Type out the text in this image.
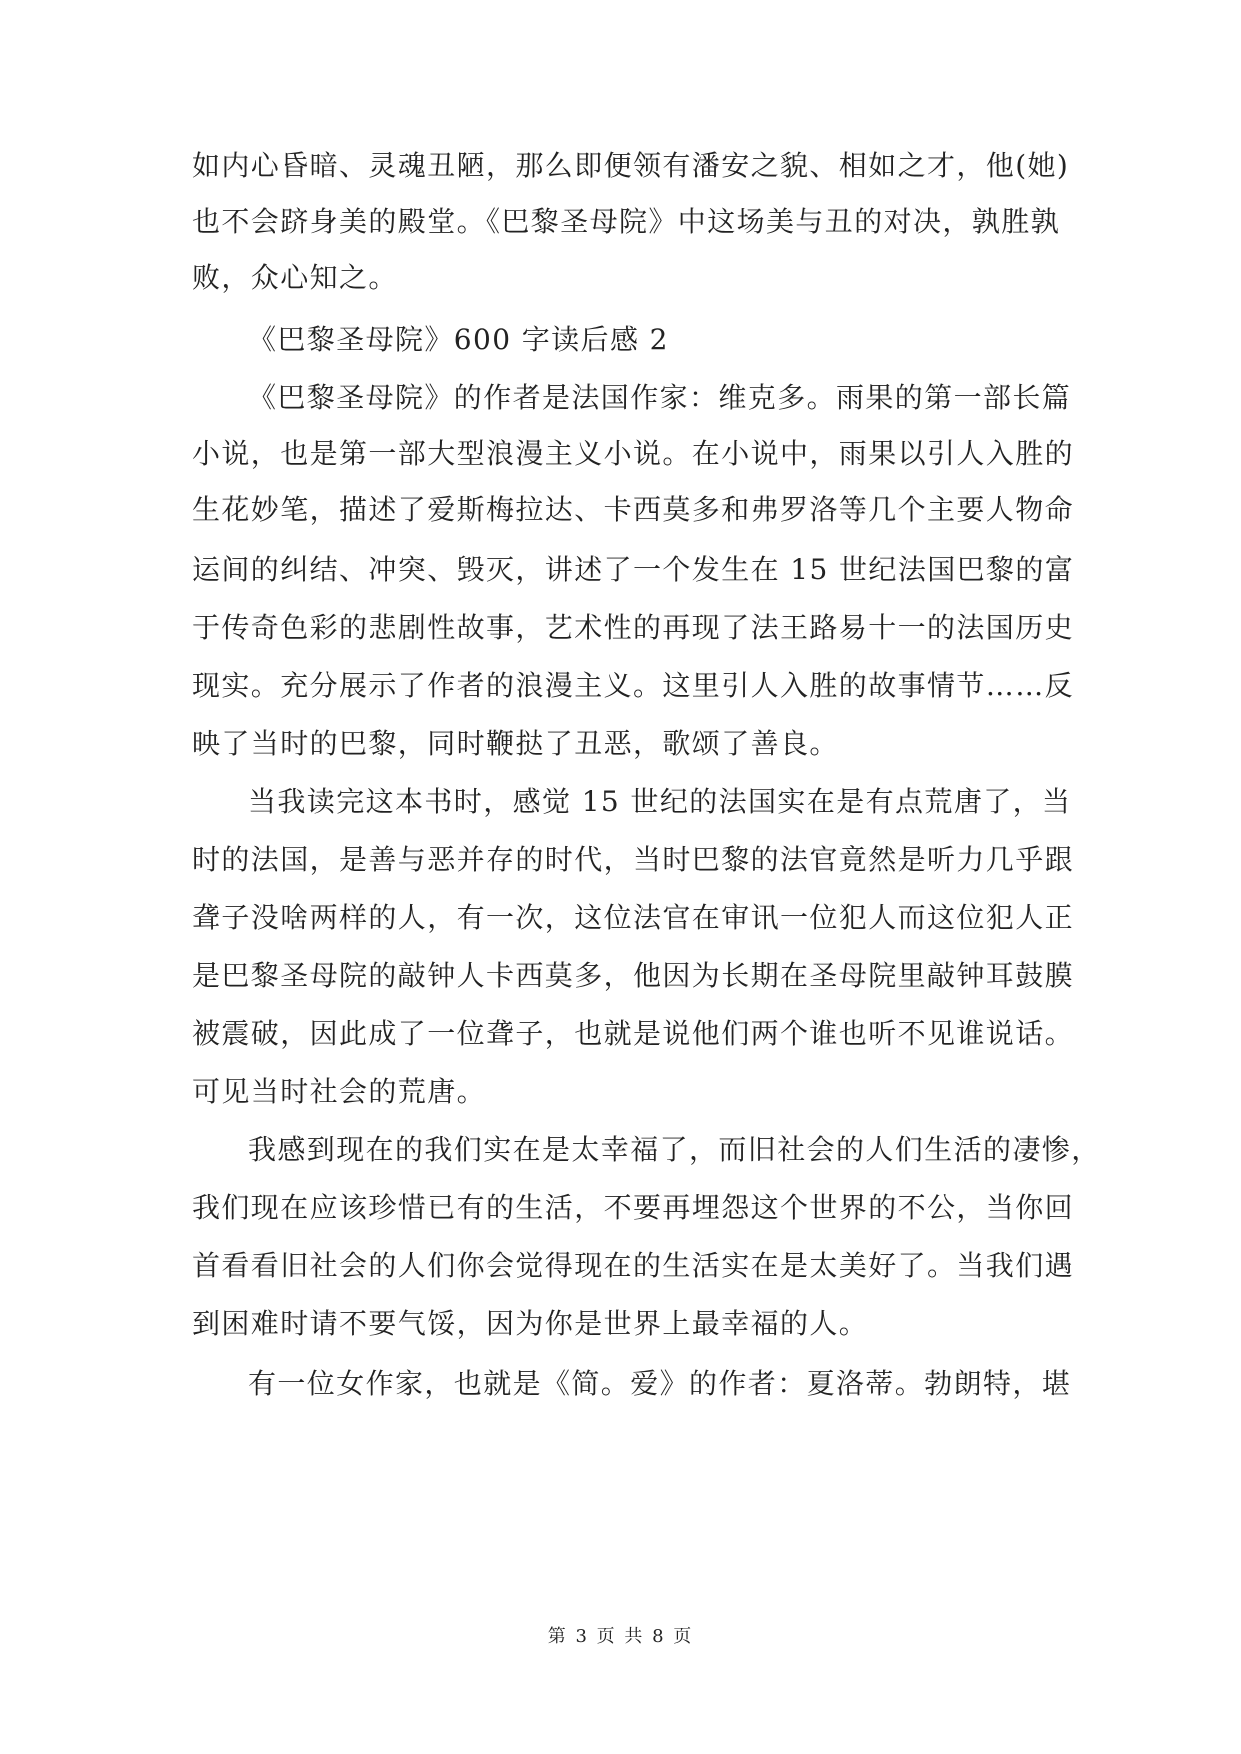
如内心昏暗、灵魂丑陋，那么即便领有潘安之貌、相如之才，他(她)
也不会跻身美的殿堂。《巴黎圣母院》中这场美与丑的对决，孰胜孰
败，众心知之。
《巴黎圣母院》600 字读后感 2
《巴黎圣母院》的作者是法国作家：维克多。雨果的第一部长篇
小说，也是第一部大型浪漫主义小说。在小说中，雨果以引人入胜的
生花妙笔，描述了爱斯梅拉达、卡西莫多和弗罗洛等几个主要人物命
运间的纠结、冲突、毁灭，讲述了一个发生在 15 世纪法国巴黎的富
于传奇色彩的悲剧性故事，艺术性的再现了法王路易十一的法国历史
现实。充分展示了作者的浪漫主义。这里引人入胜的故事情节……反
映了当时的巴黎，同时鞭挞了丑恶，歌颂了善良。
当我读完这本书时，感觉 15 世纪的法国实在是有点荒唐了，当
时的法国，是善与恶并存的时代，当时巴黎的法官竟然是听力几乎跟
聋子没啥两样的人，有一次，这位法官在审讯一位犯人而这位犯人正
是巴黎圣母院的敲钟人卡西莫多，他因为长期在圣母院里敲钟耳鼓膜
被震破，因此成了一位聋子，也就是说他们两个谁也听不见谁说话。
可见当时社会的荒唐。
我感到现在的我们实在是太幸福了，而旧社会的人们生活的凄惨，
我们现在应该珍惜已有的生活，不要再埋怨这个世界的不公，当你回
首看看旧社会的人们你会觉得现在的生活实在是太美好了。当我们遇
到困难时请不要气馁，因为你是世界上最幸福的人。
有一位女作家，也就是《简。爱》的作者：夏洛蒂。勃朗特，堪
第 3 页 共 8 页
